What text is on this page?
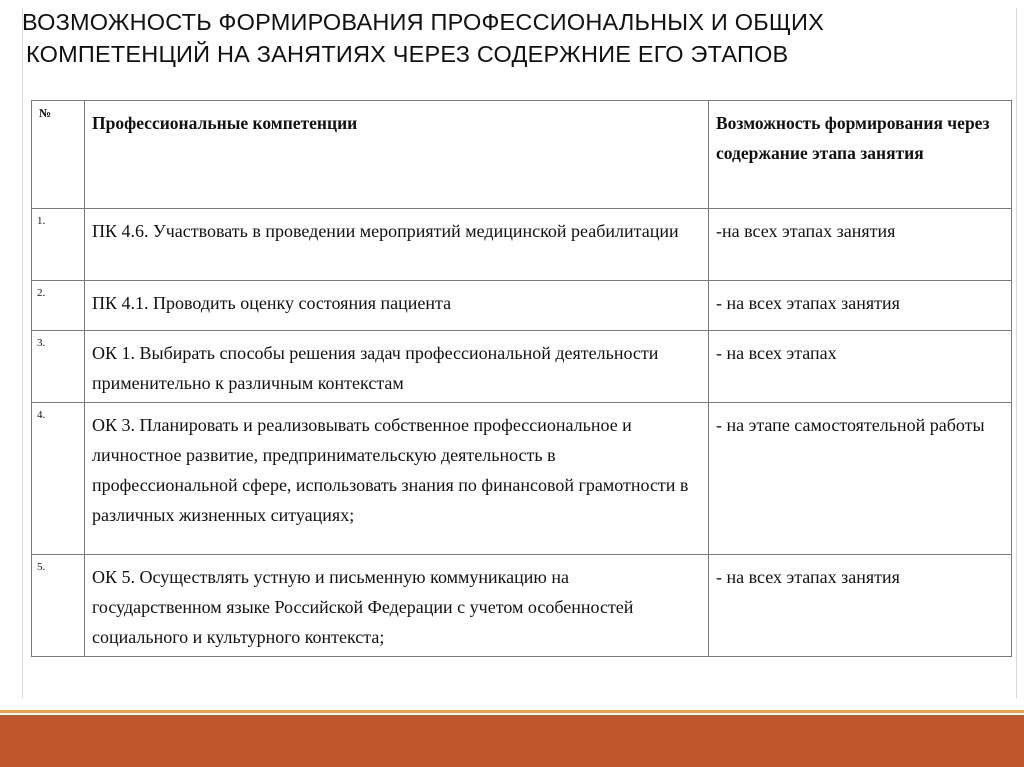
ВОЗМОЖНОСТЬ ФОРМИРОВАНИЯ ПРОФЕССИОНАЛЬНЫХ И ОБЩИХ
КОМПЕТЕНЦИЙ НА ЗАНЯТИЯХ ЧЕРЕЗ СОДЕРЖНИЕ ЕГО ЭТАПОВ
№	Профессиональные компетенции	Возможность формирования через содержание этапа занятия
1.	ПК 4.6. Участвовать в проведении мероприятий медицинской реабилитации	-на всех этапах занятия
2.	ПК 4.1. Проводить оценку состояния пациента	- на всех этапах занятия
3.	ОК 1. Выбирать способы решения задач профессиональной деятельности применительно к различным контекстам	- на всех этапах
4.	ОК 3. Планировать и реализовывать собственное профессиональное и личностное развитие, предпринимательскую деятельность в профессиональной сфере, использовать знания по финансовой грамотности в различных жизненных ситуациях;	- на этапе самостоятельной работы
5.	ОК 5. Осуществлять устную и письменную коммуникацию на государственном языке Российской Федерации с учетом особенностей социального и культурного контекста;	- на всех этапах занятия
